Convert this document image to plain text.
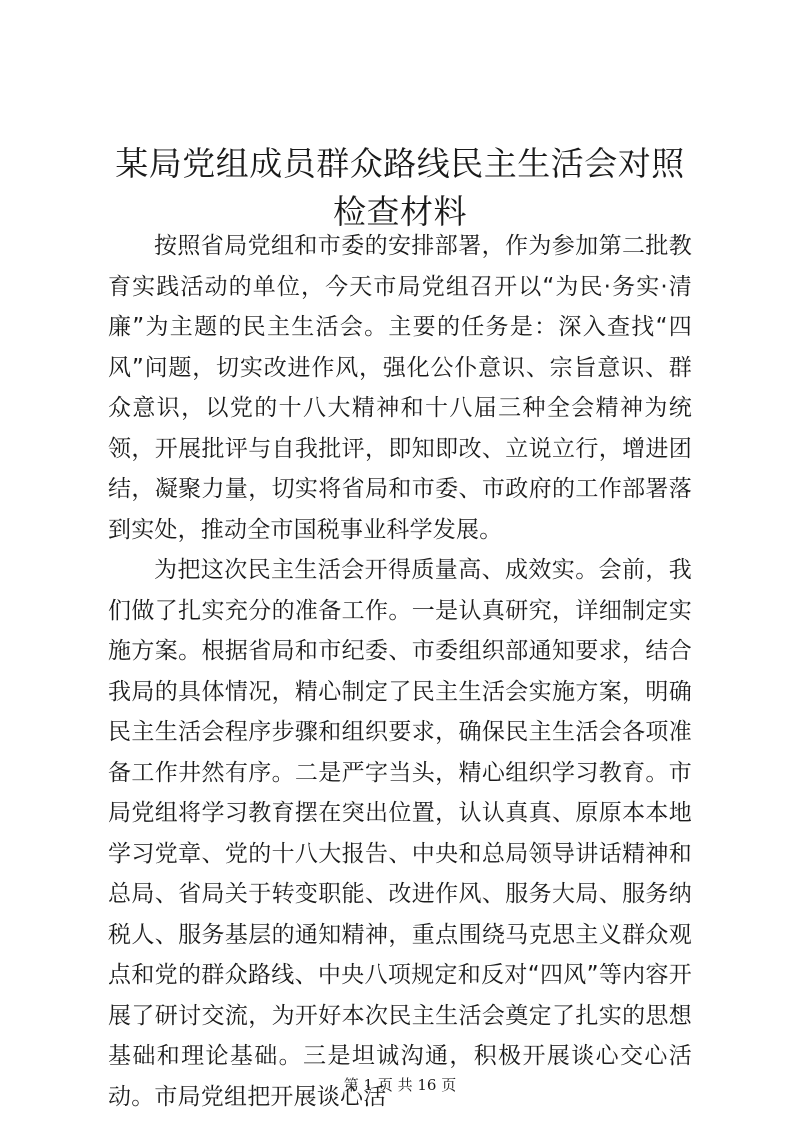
某局党组成员群众路线民主生活会对照检查材料

按照省局党组和市委的安排部署，作为参加第二批教育实践活动的单位，今天市局党组召开以“为民·务实·清廉”为主题的民主生活会。主要的任务是：深入查找“四风”问题，切实改进作风，强化公仆意识、宗旨意识、群众意识，以党的十八大精神和十八届三种全会精神为统领，开展批评与自我批评，即知即改、立说立行，增进团结，凝聚力量，切实将省局和市委、市政府的工作部署落到实处，推动全市国税事业科学发展。

为把这次民主生活会开得质量高、成效实。会前，我们做了扎实充分的准备工作。一是认真研究，详细制定实施方案。根据省局和市纪委、市委组织部通知要求，结合我局的具体情况，精心制定了民主生活会实施方案，明确民主生活会程序步骤和组织要求，确保民主生活会各项准备工作井然有序。二是严字当头，精心组织学习教育。市局党组将学习教育摆在突出位置，认认真真、原原本本地学习党章、党的十八大报告、中央和总局领导讲话精神和总局、省局关于转变职能、改进作风、服务大局、服务纳税人、服务基层的通知精神，重点围绕马克思主义群众观点和党的群众路线、中央八项规定和反对“四风”等内容开展了研讨交流，为开好本次民主生活会奠定了扎实的思想基础和理论基础。三是坦诚沟通，积极开展谈心交心活动。市局党组把开展谈心活

第 1 页 共 16 页
